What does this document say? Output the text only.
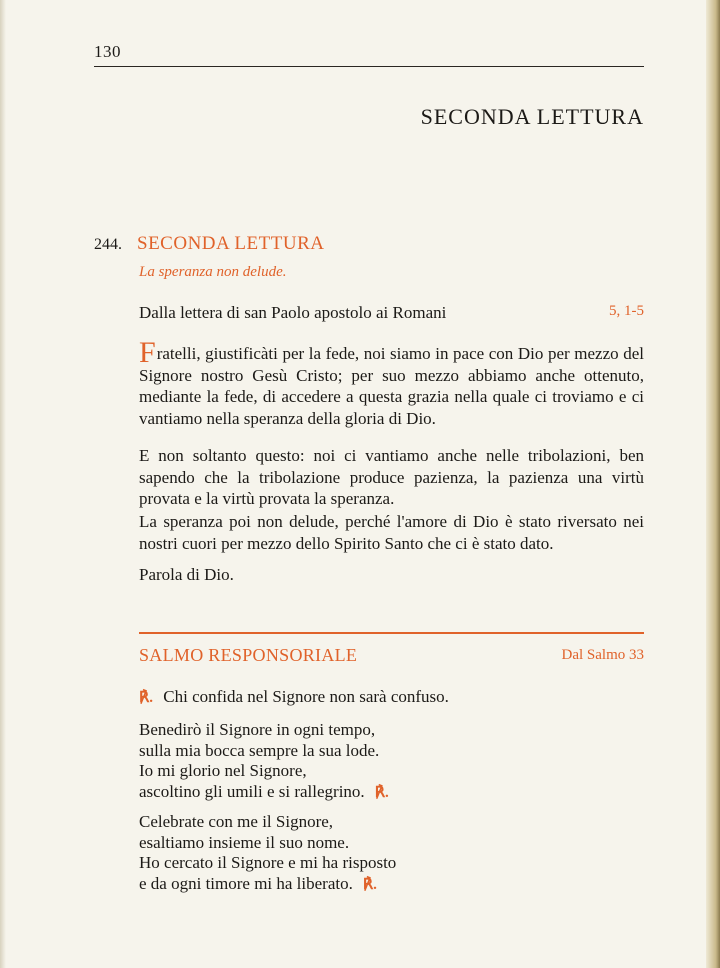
130
SECONDA LETTURA
244. SECONDA LETTURA
La speranza non delude.
Dalla lettera di san Paolo apostolo ai Romani	5, 1-5
Fratelli, giustificàti per la fede, noi siamo in pace con Dio per mezzo del Signore nostro Gesù Cristo; per suo mezzo abbiamo anche ottenuto, mediante la fede, di accedere a questa grazia nella quale ci troviamo e ci vantiamo nella speranza della gloria di Dio.
E non soltanto questo: noi ci vantiamo anche nelle tribolazioni, ben sapendo che la tribolazione produce pazienza, la pazienza una virtù provata e la virtù provata la speranza.
La speranza poi non delude, perché l'amore di Dio è stato riversato nei nostri cuori per mezzo dello Spirito Santo che ci è stato dato.
Parola di Dio.
SALMO RESPONSORIALE	Dal Salmo 33
℟. Chi confida nel Signore non sarà confuso.
Benedirò il Signore in ogni tempo,
sulla mia bocca sempre la sua lode.
Io mi glorio nel Signore,
ascoltino gli umili e si rallegrino. ℟.
Celebrate con me il Signore,
esaltiamo insieme il suo nome.
Ho cercato il Signore e mi ha risposto
e da ogni timore mi ha liberato. ℟.
